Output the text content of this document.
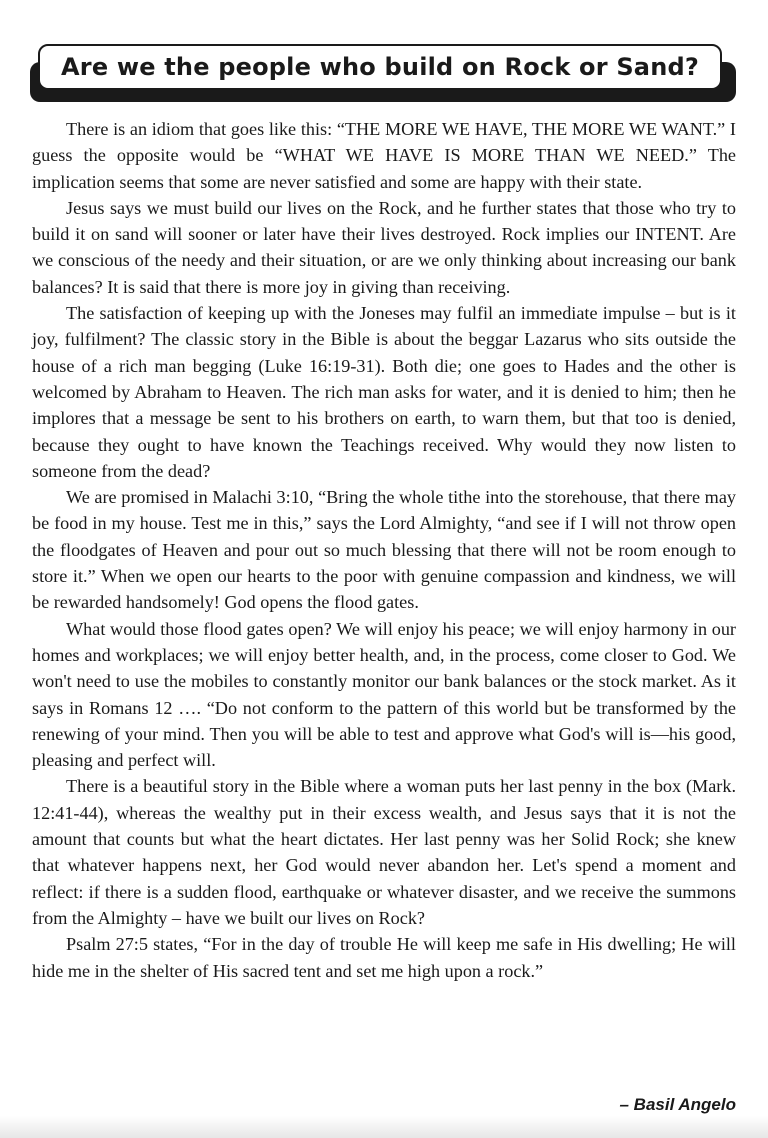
Are we the people who build on Rock or Sand?

There is an idiom that goes like this: “THE MORE WE HAVE, THE MORE WE WANT.” I guess the opposite would be “WHAT WE HAVE IS MORE THAN WE NEED.” The implication seems that some are never satisfied and some are happy with their state.

Jesus says we must build our lives on the Rock, and he further states that those who try to build it on sand will sooner or later have their lives destroyed. Rock implies our INTENT. Are we conscious of the needy and their situation, or are we only thinking about increasing our bank balances? It is said that there is more joy in giving than receiving.

The satisfaction of keeping up with the Joneses may fulfil an immediate impulse – but is it joy, fulfilment? The classic story in the Bible is about the beggar Lazarus who sits outside the house of a rich man begging (Luke 16:19-31). Both die; one goes to Hades and the other is welcomed by Abraham to Heaven. The rich man asks for water, and it is denied to him; then he implores that a message be sent to his brothers on earth, to warn them, but that too is denied, because they ought to have known the Teachings received. Why would they now listen to someone from the dead?

We are promised in Malachi 3:10, “Bring the whole tithe into the storehouse, that there may be food in my house. Test me in this,” says the Lord Almighty, “and see if I will not throw open the floodgates of Heaven and pour out so much blessing that there will not be room enough to store it.” When we open our hearts to the poor with genuine compassion and kindness, we will be rewarded handsomely! God opens the flood gates.

What would those flood gates open? We will enjoy his peace; we will enjoy harmony in our homes and workplaces; we will enjoy better health, and, in the process, come closer to God. We won't need to use the mobiles to constantly monitor our bank balances or the stock market. As it says in Romans 12 …. “Do not conform to the pattern of this world but be transformed by the renewing of your mind. Then you will be able to test and approve what God's will is—his good, pleasing and perfect will.

There is a beautiful story in the Bible where a woman puts her last penny in the box (Mark. 12:41-44), whereas the wealthy put in their excess wealth, and Jesus says that it is not the amount that counts but what the heart dictates. Her last penny was her Solid Rock; she knew that whatever happens next, her God would never abandon her. Let's spend a moment and reflect: if there is a sudden flood, earthquake or whatever disaster, and we receive the summons from the Almighty – have we built our lives on Rock?

Psalm 27:5 states, “For in the day of trouble He will keep me safe in His dwelling; He will hide me in the shelter of His sacred tent and set me high upon a rock.”

– Basil Angelo
